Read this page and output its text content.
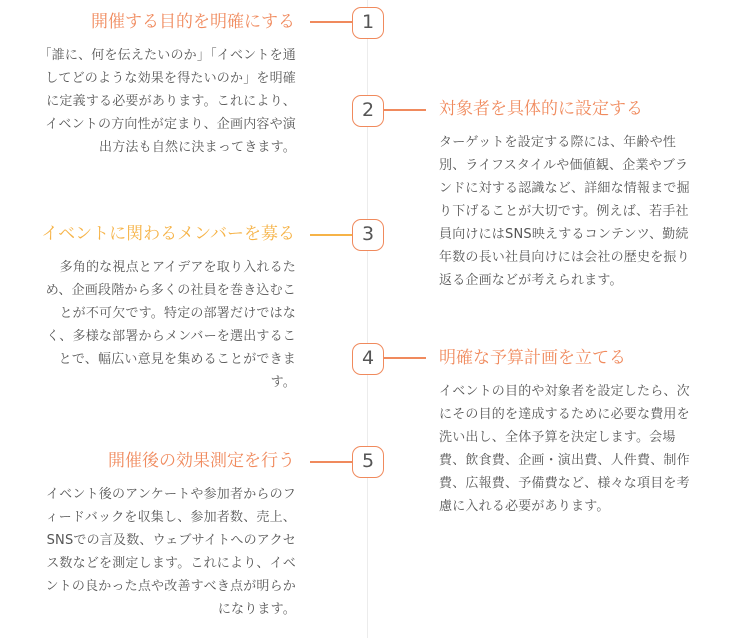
1
開催する目的を明確にする
「誰に、何を伝えたいのか」「イベントを通してどのような効果を得たいのか」を明確に定義する必要があります。これにより、イベントの方向性が定まり、企画内容や演出方法も自然に決まってきます。
2	対象者を具体的に設定する
ターゲットを設定する際には、年齢や性別、ライフスタイルや価値観、企業やブランドに対する認識など、詳細な情報まで掘り下げることが大切です。例えば、若手社員向けにはSNS映えするコンテンツ、勤続年数の長い社員向けには会社の歴史を振り返る企画などが考えられます。
3
イベントに関わるメンバーを募る
多角的な視点とアイデアを取り入れるため、企画段階から多くの社員を巻き込むことが不可欠です。特定の部署だけではなく、多様な部署からメンバーを選出することで、幅広い意見を集めることができます。
4	明確な予算計画を立てる
イベントの目的や対象者を設定したら、次にその目的を達成するために必要な費用を洗い出し、全体予算を決定します。会場費、飲食費、企画・演出費、人件費、制作費、広報費、予備費など、様々な項目を考慮に入れる必要があります。
5
開催後の効果測定を行う
イベント後のアンケートや参加者からのフィードバックを収集し、参加者数、売上、SNSでの言及数、ウェブサイトへのアクセス数などを測定します。これにより、イベントの良かった点や改善すべき点が明らかになります。
